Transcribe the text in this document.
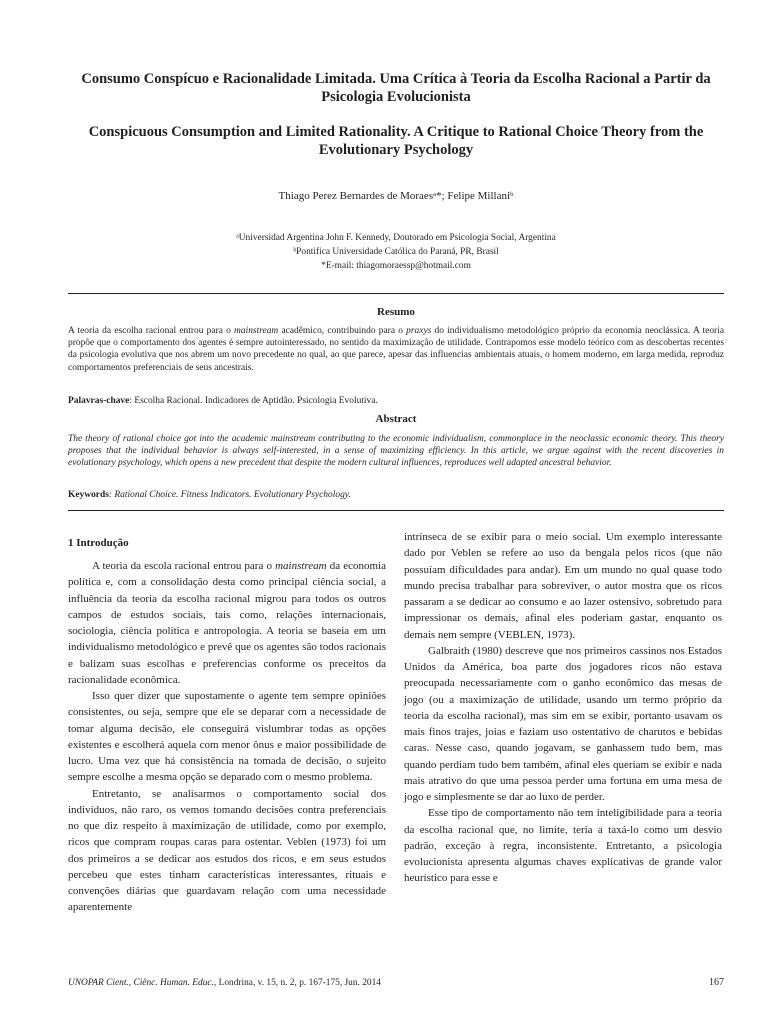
Consumo Conspícuo e Racionalidade Limitada. Uma Crítica à Teoria da Escolha Racional a Partir da Psicologia Evolucionista
Conspicuous Consumption and Limited Rationality. A Critique to Rational Choice Theory from the Evolutionary Psychology

Thiago Perez Bernardes de Moraesᵃ*; Felipe Millaniᵇ

ᵃUniversidad Argentina John F. Kennedy, Doutorado em Psicologia Social, Argentina
ᵇPontifica Universidade Católica do Paraná, PR, Brasil
*E-mail: thiagomoraessp@hotmail.com
Resumo

A teoria da escolha racional entrou para o mainstream acadêmico, contribuindo para o praxys do individualismo metodológico próprio da economia neoclássica. A teoria propõe que o comportamento dos agentes é sempre autointeressado, no sentido da maximização de utilidade. Contrapomos esse modelo teórico com as descobertas recentes da psicologia evolutiva que nos abrem um novo precedente no qual, ao que parece, apesar das influencias ambientais atuais, o homem moderno, em larga medida, reproduz comportamentos preferenciais de seus ancestrais.

Palavras-chave: Escolha Racional. Indicadores de Aptidão. Psicologia Evolutiva.

Abstract

The theory of rational choice got into the academic mainstream contributing to the economic individualism, commonplace in the neoclassic economic theory. This theory proposes that the individual behavior is always self-interested, in a sense of maximizing efficiency. In this article, we argue against with the recent discoveries in evolutionary psychology, which opens a new precedent that despite the modern cultural influences, reproduces well adapted ancestral behavior.

Keywords: Rational Choice. Fitness Indicators. Evolutionary Psychology.

1 Introdução

A teoria da escola racional entrou para o mainstream da economia política e, com a consolidação desta como principal ciência social, a influência da teoria da escolha racional migrou para todos os outros campos de estudos sociais, tais como, relações internacionais, sociologia, ciência política e antropologia. A teoria se baseia em um individualismo metodológico e prevê que os agentes são todos racionais e balizam suas escolhas e preferencias conforme os preceitos da racionalidade econômica.

Isso quer dizer que supostamente o agente tem sempre opiniões consistentes, ou seja, sempre que ele se deparar com a necessidade de tomar alguma decisão, ele conseguirá vislumbrar todas as opções existentes e escolherá aquela com menor ônus e maior possibilidade de lucro. Uma vez que há consistência na tomada de decisão, o sujeito sempre escolhe a mesma opção se deparado com o mesmo problema.

Entretanto, se analisarmos o comportamento social dos indivíduos, não raro, os vemos tomando decisões contra preferenciais no que diz respeito à maximização de utilidade, como por exemplo, ricos que compram roupas caras para ostentar. Veblen (1973) foi um dos primeiros a se dedicar aos estudos dos ricos, e em seus estudos percebeu que estes tinham características interessantes, rituais e convenções diárias que guardavam relação com uma necessidade aparentemente

intrínseca de se exibir para o meio social. Um exemplo interessante dado por Veblen se refere ao uso da bengala pelos ricos (que não possuíam dificuldades para andar). Em um mundo no qual quase todo mundo precisa trabalhar para sobreviver, o autor mostra que os ricos passaram a se dedicar ao consumo e ao lazer ostensivo, sobretudo para impressionar os demais, afinal eles poderiam gastar, enquanto os demais nem sempre (VEBLEN, 1973).

Galbraith (1980) descreve que nos primeiros cassinos nos Estados Unidos da América, boa parte dos jogadores ricos não estava preocupada necessariamente com o ganho econômico das mesas de jogo (ou a maximização de utilidade, usando um termo próprio da teoria da escolha racional), mas sim em se exibir, portanto usavam os mais finos trajes, joias e faziam uso ostentativo de charutos e bebidas caras. Nesse caso, quando jogavam, se ganhassem tudo bem, mas quando perdiam tudo bem também, afinal eles queriam se exibir e nada mais atrativo do que uma pessoa perder uma fortuna em uma mesa de jogo e simplesmente se dar ao luxo de perder.

Esse tipo de comportamento não tem inteligibilidade para a teoria da escolha racional que, no limite, teria a taxá-lo como um desvio padrão, exceção à regra, inconsistente. Entretanto, a psicologia evolucionista apresenta algumas chaves explicativas de grande valor heurístico para esse e

UNOPAR Cient., Ciênc. Human. Educ., Londrina, v. 15, n. 2, p. 167-175, Jun. 2014	167
